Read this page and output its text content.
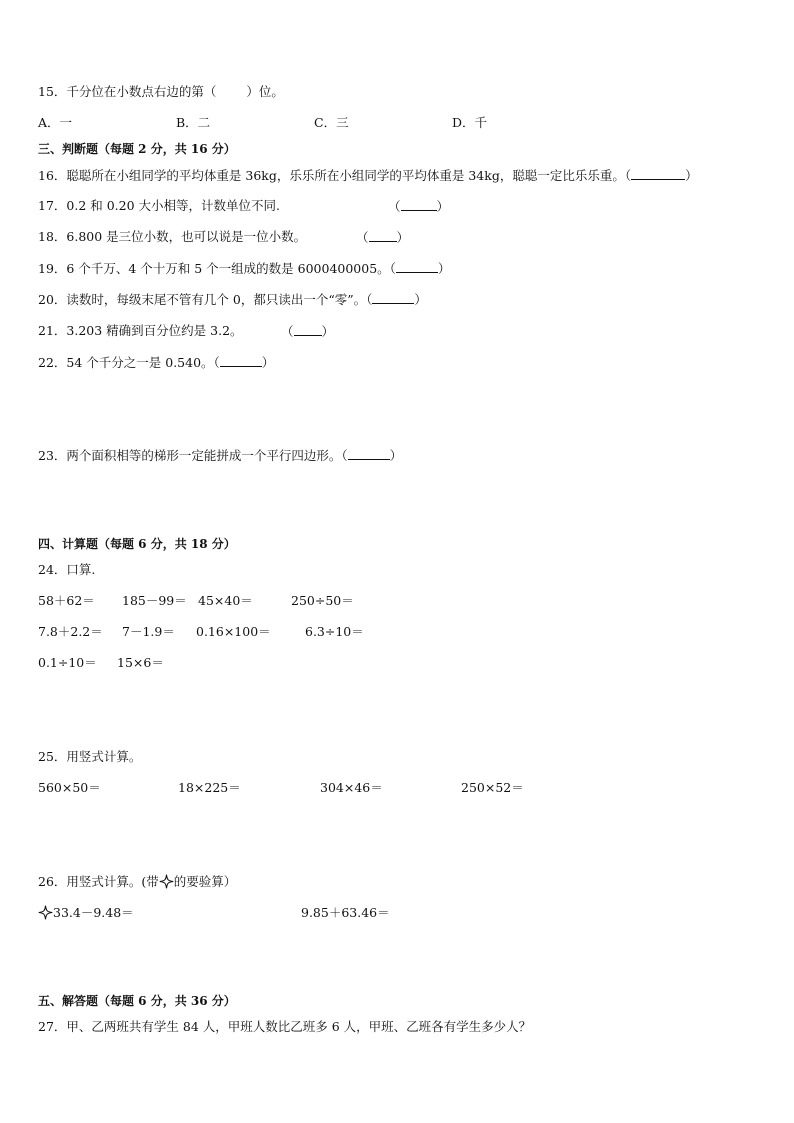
15．千分位在小数点右边的第（ ）位。
A．一	B．二	C．三	D．千
三、判断题（每题 2 分，共 16 分）
16．聪聪所在小组同学的平均体重是 36kg，乐乐所在小组同学的平均体重是 34kg，聪聪一定比乐乐重。（	）
17．0.2 和 0.20 大小相等，计数单位不同.	（	）
18．6.800 是三位小数，也可以说是一位小数。	（ ）
19．6 个千万、4 个十万和 5 个一组成的数是 6000400005。（	）
20．读数时，每级末尾不管有几个 0，都只读出一个“零”。（	）
21．3.203 精确到百分位约是 3.2。	（ ）
22．54 个千分之一是 0.540。（	）
23．两个面积相等的梯形一定能拼成一个平行四边形。（	）
四、计算题（每题 6 分，共 18 分）
24．口算.
58＋62＝ 185－99＝ 45×40＝	250÷50＝
7.8＋2.2＝ 7－1.9＝ 0.16×100＝	6.3÷10＝
0.1÷10＝ 15×6＝
25．用竖式计算。
560×50＝	18×225＝	304×46＝	250×52＝
26．用竖式计算。(带 的要验算）
33.4－9.48＝	9.85＋63.46＝
五、解答题（每题 6 分，共 36 分）
27．甲、乙两班共有学生 84 人，甲班人数比乙班多 6 人，甲班、乙班各有学生多少人？
